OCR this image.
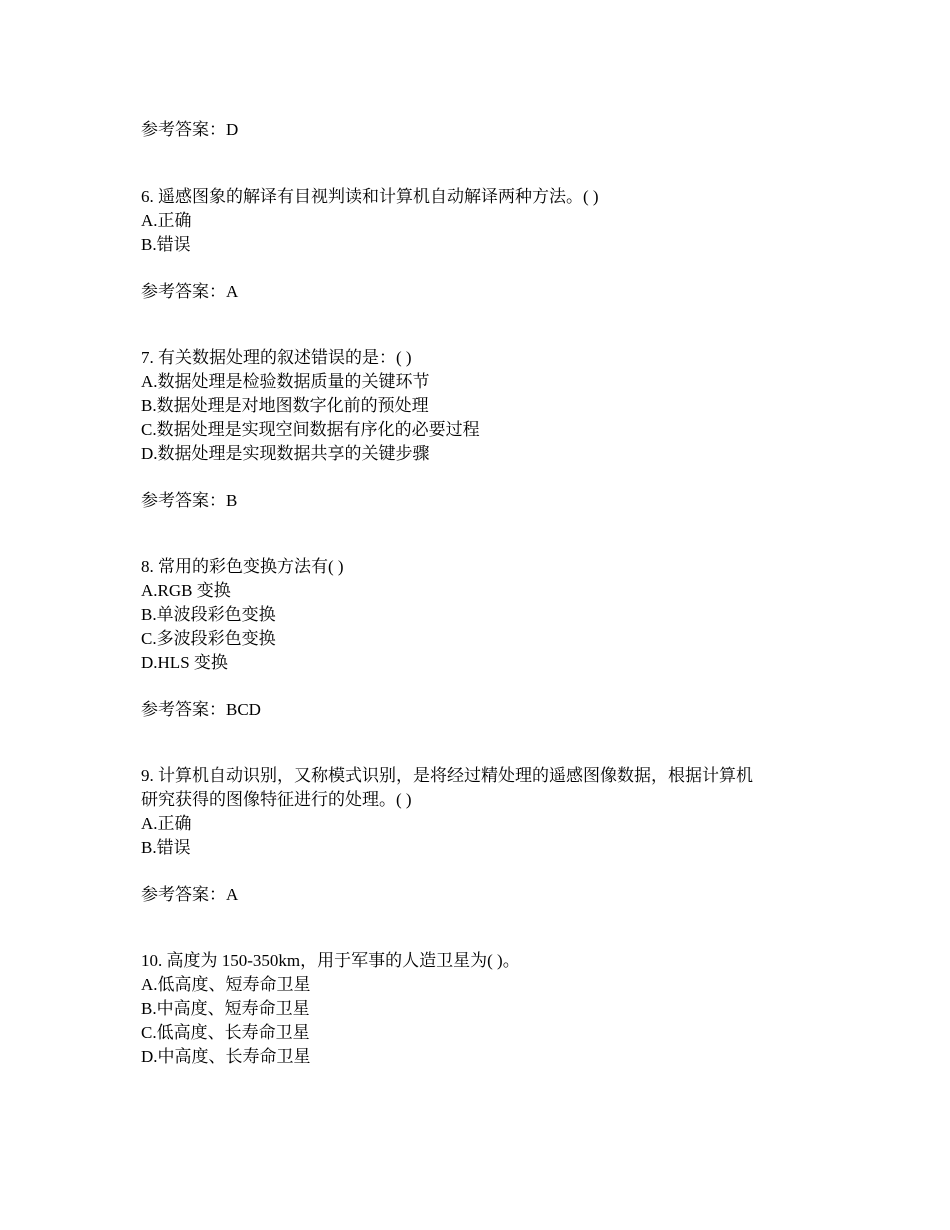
参考答案：D
6. 遥感图象的解译有目视判读和计算机自动解译两种方法。( )
A.正确
B.错误
参考答案：A
7. 有关数据处理的叙述错误的是：( )
A.数据处理是检验数据质量的关键环节
B.数据处理是对地图数字化前的预处理
C.数据处理是实现空间数据有序化的必要过程
D.数据处理是实现数据共享的关键步骤
参考答案：B
8. 常用的彩色变换方法有( )
A.RGB 变换
B.单波段彩色变换
C.多波段彩色变换
D.HLS 变换
参考答案：BCD
9. 计算机自动识别，又称模式识别，是将经过精处理的遥感图像数据，根据计算机
研究获得的图像特征进行的处理。( )
A.正确
B.错误
参考答案：A
10. 高度为 150-350km，用于军事的人造卫星为( )。
A.低高度、短寿命卫星
B.中高度、短寿命卫星
C.低高度、长寿命卫星
D.中高度、长寿命卫星
